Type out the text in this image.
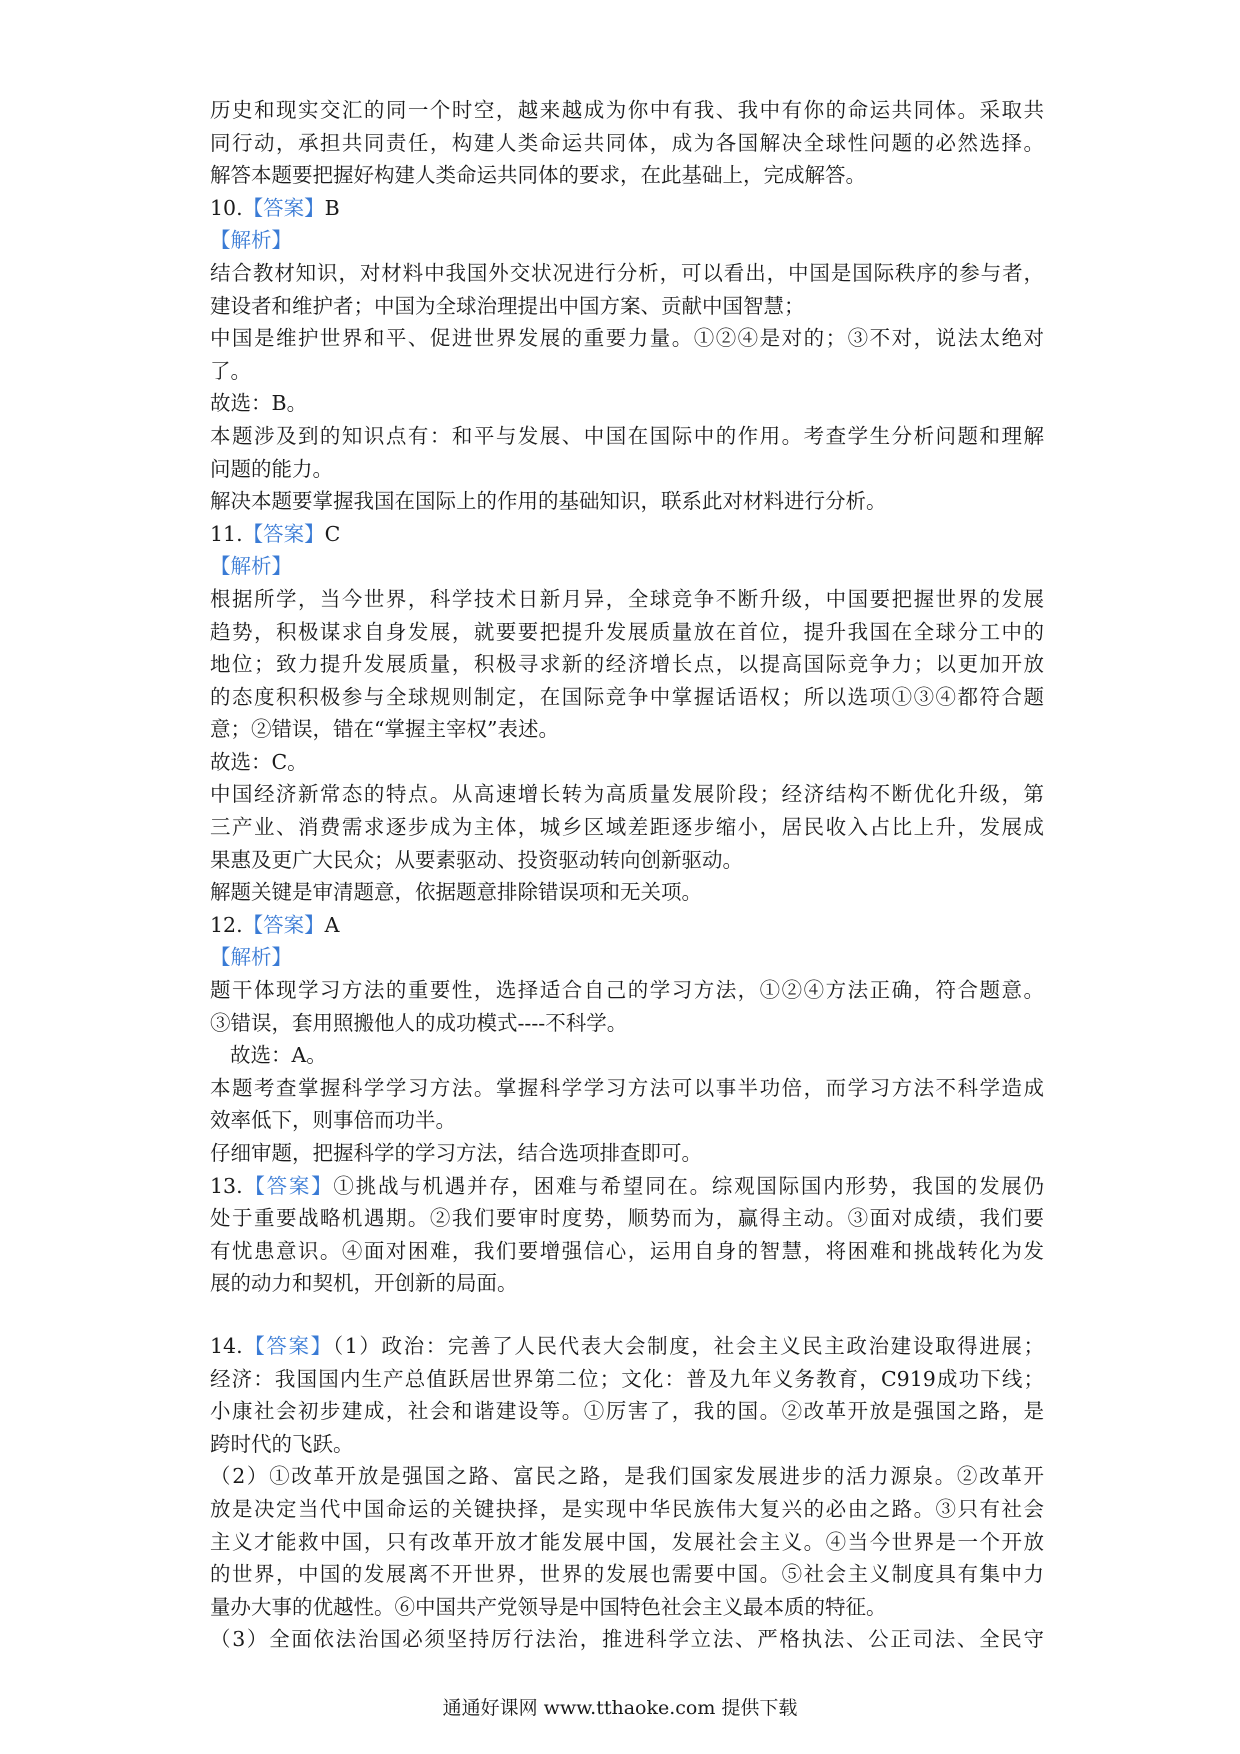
历史和现实交汇的同一个时空，越来越成为你中有我、我中有你的命运共同体。采取共
同行动，承担共同责任，构建人类命运共同体，成为各国解决全球性问题的必然选择。
解答本题要把握好构建人类命运共同体的要求，在此基础上，完成解答。
10.【答案】B
【解析】
结合教材知识，对材料中我国外交状况进行分析，可以看出，中国是国际秩序的参与者，
建设者和维护者；中国为全球治理提出中国方案、贡献中国智慧；
中国是维护世界和平、促进世界发展的重要力量。①②④是对的；③不对，说法太绝对
了。
故选：B。
本题涉及到的知识点有：和平与发展、中国在国际中的作用。考查学生分析问题和理解
问题的能力。
解决本题要掌握我国在国际上的作用的基础知识，联系此对材料进行分析。
11.【答案】C
【解析】
根据所学，当今世界，科学技术日新月异，全球竞争不断升级，中国要把握世界的发展
趋势，积极谋求自身发展，就要要把提升发展质量放在首位，提升我国在全球分工中的
地位；致力提升发展质量，积极寻求新的经济增长点，以提高国际竞争力；以更加开放
的态度积积极参与全球规则制定，在国际竞争中掌握话语权；所以选项①③④都符合题
意；②错误，错在“掌握主宰权”表述。
故选：C。
中国经济新常态的特点。从高速增长转为高质量发展阶段；经济结构不断优化升级，第
三产业、消费需求逐步成为主体，城乡区域差距逐步缩小，居民收入占比上升，发展成
果惠及更广大民众；从要素驱动、投资驱动转向创新驱动。
解题关键是审清题意，依据题意排除错误项和无关项。
12.【答案】A
【解析】
题干体现学习方法的重要性，选择适合自己的学习方法，①②④方法正确，符合题意。
③错误，套用照搬他人的成功模式----不科学。
故选：A。
本题考查掌握科学学习方法。掌握科学学习方法可以事半功倍，而学习方法不科学造成
效率低下，则事倍而功半。
仔细审题，把握科学的学习方法，结合选项排查即可。
13.【答案】①挑战与机遇并存，困难与希望同在。综观国际国内形势，我国的发展仍
处于重要战略机遇期。②我们要审时度势，顺势而为，赢得主动。③面对成绩，我们要
有忧患意识。④面对困难，我们要增强信心，运用自身的智慧，将困难和挑战转化为发
展的动力和契机，开创新的局面。
14.【答案】（1）政治：完善了人民代表大会制度，社会主义民主政治建设取得进展；
经济：我国国内生产总值跃居世界第二位；文化：普及九年义务教育，C919成功下线；
小康社会初步建成，社会和谐建设等。①厉害了，我的国。②改革开放是强国之路，是
跨时代的飞跃。
（2）①改革开放是强国之路、富民之路，是我们国家发展进步的活力源泉。②改革开
放是决定当代中国命运的关键抉择，是实现中华民族伟大复兴的必由之路。③只有社会
主义才能救中国，只有改革开放才能发展中国，发展社会主义。④当今世界是一个开放
的世界，中国的发展离不开世界，世界的发展也需要中国。⑤社会主义制度具有集中力
量办大事的优越性。⑥中国共产党领导是中国特色社会主义最本质的特征。
（3）全面依法治国必须坚持厉行法治，推进科学立法、严格执法、公正司法、全民守
通通好课网 www.tthaoke.com 提供下载
